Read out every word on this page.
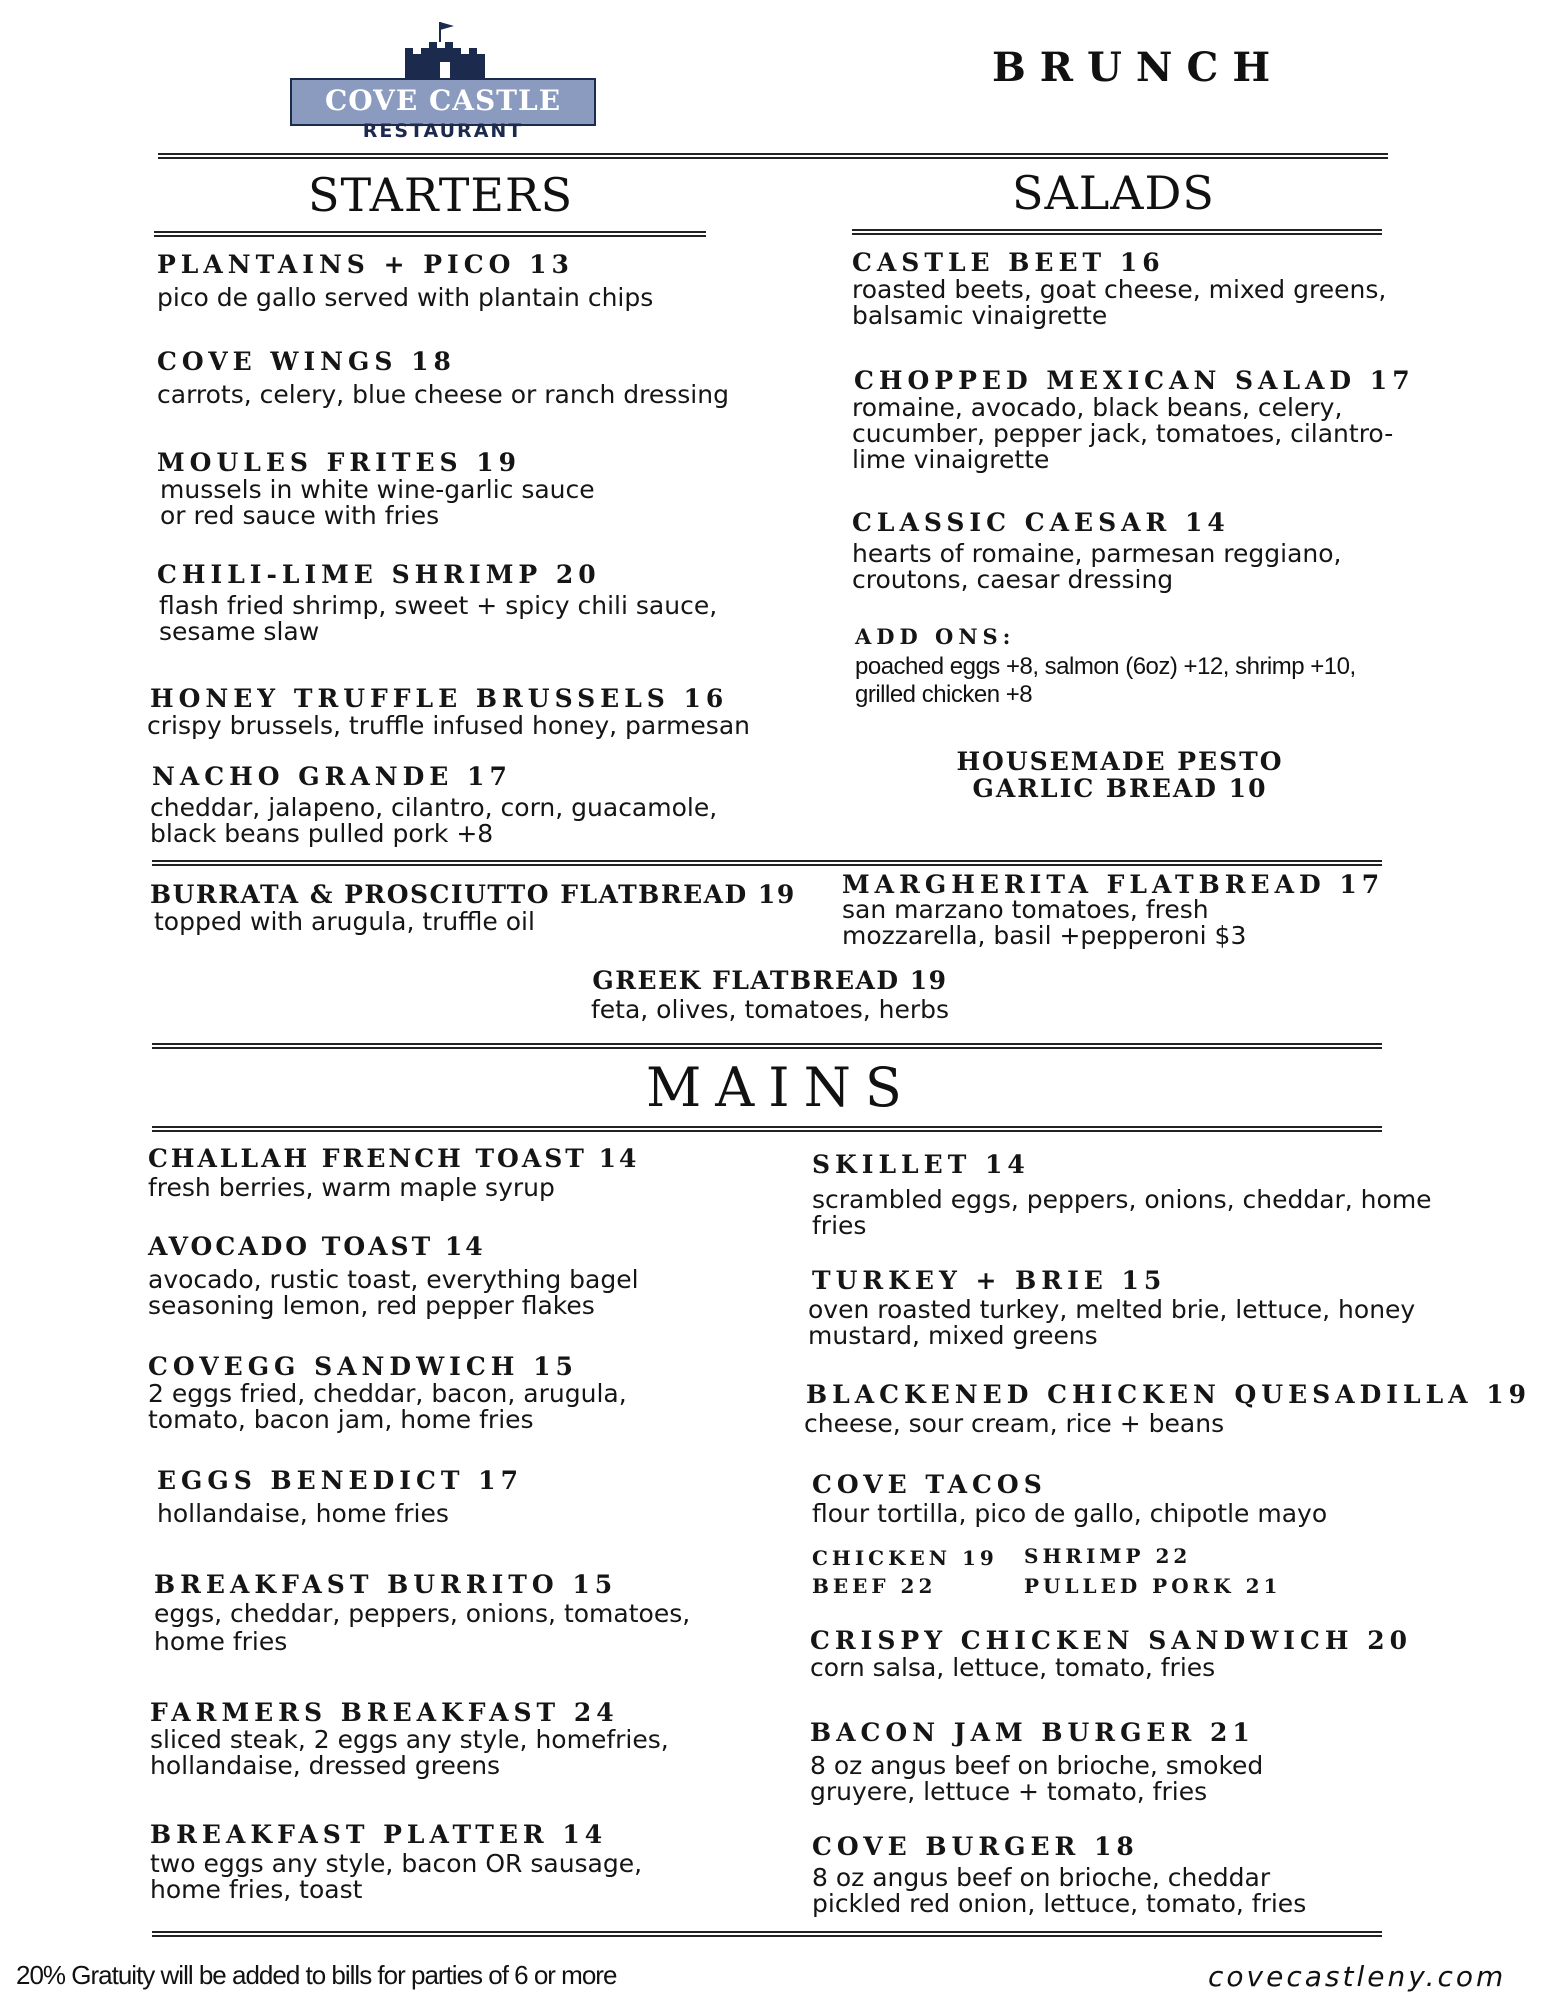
COVE CASTLE
RESTAURANT
BRUNCH
STARTERS
PLANTAINS + PICO 13
pico de gallo served with plantain chips
COVE WINGS 18
carrots, celery, blue cheese or ranch dressing
MOULES FRITES 19
mussels in white wine-garlic sauce
or red sauce with fries
CHILI-LIME SHRIMP 20
flash fried shrimp, sweet + spicy chili sauce,
sesame slaw
HONEY TRUFFLE BRUSSELS 16
crispy brussels, truffle infused honey, parmesan
NACHO GRANDE 17
cheddar, jalapeno, cilantro, corn, guacamole,
black beans pulled pork +8
SALADS
CASTLE BEET 16
roasted beets, goat cheese, mixed greens,
balsamic vinaigrette
CHOPPED MEXICAN SALAD 17
romaine, avocado, black beans, celery,
cucumber, pepper jack, tomatoes, cilantro-
lime vinaigrette
CLASSIC CAESAR 14
hearts of romaine, parmesan reggiano,
croutons, caesar dressing
ADD ONS:
poached eggs +8, salmon (6oz) +12, shrimp +10,
grilled chicken +8
HOUSEMADE PESTO
GARLIC BREAD 10
BURRATA & PROSCIUTTO FLATBREAD 19
topped with arugula, truffle oil
MARGHERITA FLATBREAD 17
san marzano tomatoes, fresh
mozzarella, basil +pepperoni $3
GREEK FLATBREAD 19
feta, olives, tomatoes, herbs
MAINS
CHALLAH FRENCH TOAST 14
fresh berries, warm maple syrup
AVOCADO TOAST 14
avocado, rustic toast, everything bagel
seasoning lemon, red pepper flakes
COVEGG SANDWICH 15
2 eggs fried, cheddar, bacon, arugula,
tomato, bacon jam, home fries
EGGS BENEDICT 17
hollandaise, home fries
BREAKFAST BURRITO 15
eggs, cheddar, peppers, onions, tomatoes,
home fries
FARMERS BREAKFAST 24
sliced steak, 2 eggs any style, homefries,
hollandaise, dressed greens
BREAKFAST PLATTER 14
two eggs any style, bacon OR sausage,
home fries, toast
SKILLET 14
scrambled eggs, peppers, onions, cheddar, home
fries
TURKEY + BRIE 15
oven roasted turkey, melted brie, lettuce, honey
mustard, mixed greens
BLACKENED CHICKEN QUESADILLA 19
cheese, sour cream, rice + beans
COVE TACOS
flour tortilla, pico de gallo, chipotle mayo
CHICKEN 19 SHRIMP 22
BEEF 22	PULLED PORK 21
CRISPY CHICKEN SANDWICH 20
corn salsa, lettuce, tomato, fries
BACON JAM BURGER 21
8 oz angus beef on brioche, smoked
gruyere, lettuce + tomato, fries
COVE BURGER 18
8 oz angus beef on brioche, cheddar
pickled red onion, lettuce, tomato, fries
20% Gratuity will be added to bills for parties of 6 or more	covecastleny.com
